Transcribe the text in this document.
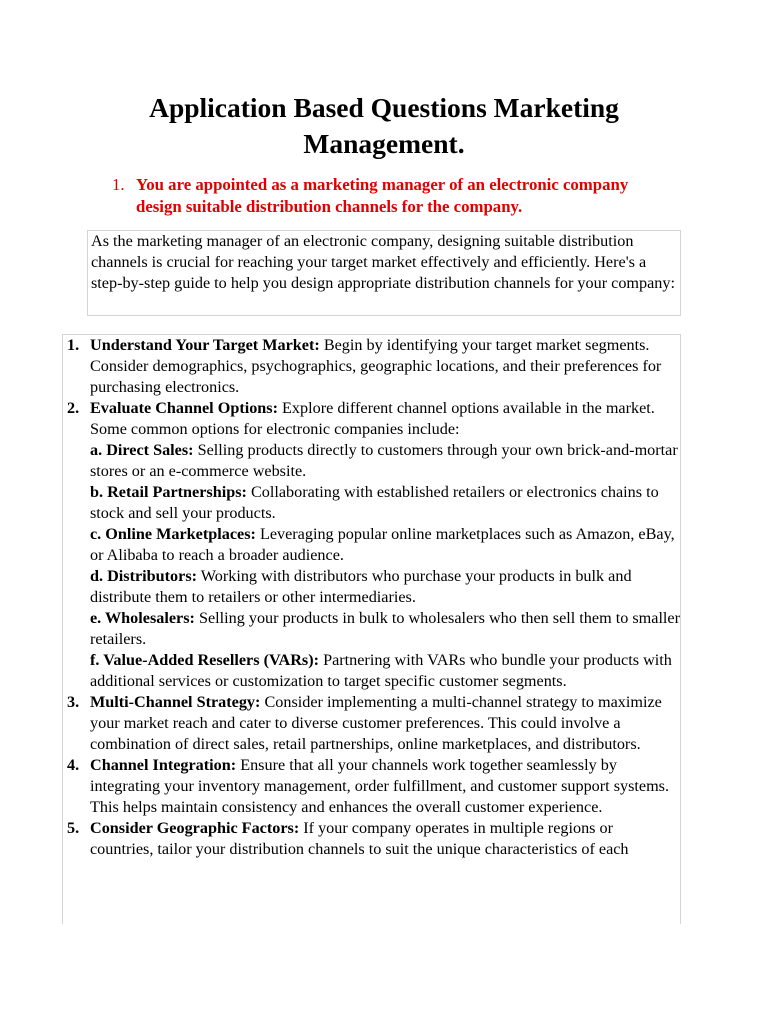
Application Based Questions Marketing
Management.
1. You are appointed as a marketing manager of an electronic company design suitable distribution channels for the company.
As the marketing manager of an electronic company, designing suitable distribution channels is crucial for reaching your target market effectively and efficiently. Here's a step-by-step guide to help you design appropriate distribution channels for your company:
1. Understand Your Target Market: Begin by identifying your target market segments. Consider demographics, psychographics, geographic locations, and their preferences for purchasing electronics.
2. Evaluate Channel Options: Explore different channel options available in the market. Some common options for electronic companies include:
a. Direct Sales: Selling products directly to customers through your own brick-and-mortar stores or an e-commerce website.
b. Retail Partnerships: Collaborating with established retailers or electronics chains to stock and sell your products.
c. Online Marketplaces: Leveraging popular online marketplaces such as Amazon, eBay, or Alibaba to reach a broader audience.
d. Distributors: Working with distributors who purchase your products in bulk and distribute them to retailers or other intermediaries.
e. Wholesalers: Selling your products in bulk to wholesalers who then sell them to smaller retailers.
f. Value-Added Resellers (VARs): Partnering with VARs who bundle your products with additional services or customization to target specific customer segments.
3. Multi-Channel Strategy: Consider implementing a multi-channel strategy to maximize your market reach and cater to diverse customer preferences. This could involve a combination of direct sales, retail partnerships, online marketplaces, and distributors.
4. Channel Integration: Ensure that all your channels work together seamlessly by integrating your inventory management, order fulfillment, and customer support systems. This helps maintain consistency and enhances the overall customer experience.
5. Consider Geographic Factors: If your company operates in multiple regions or countries, tailor your distribution channels to suit the unique characteristics of each
